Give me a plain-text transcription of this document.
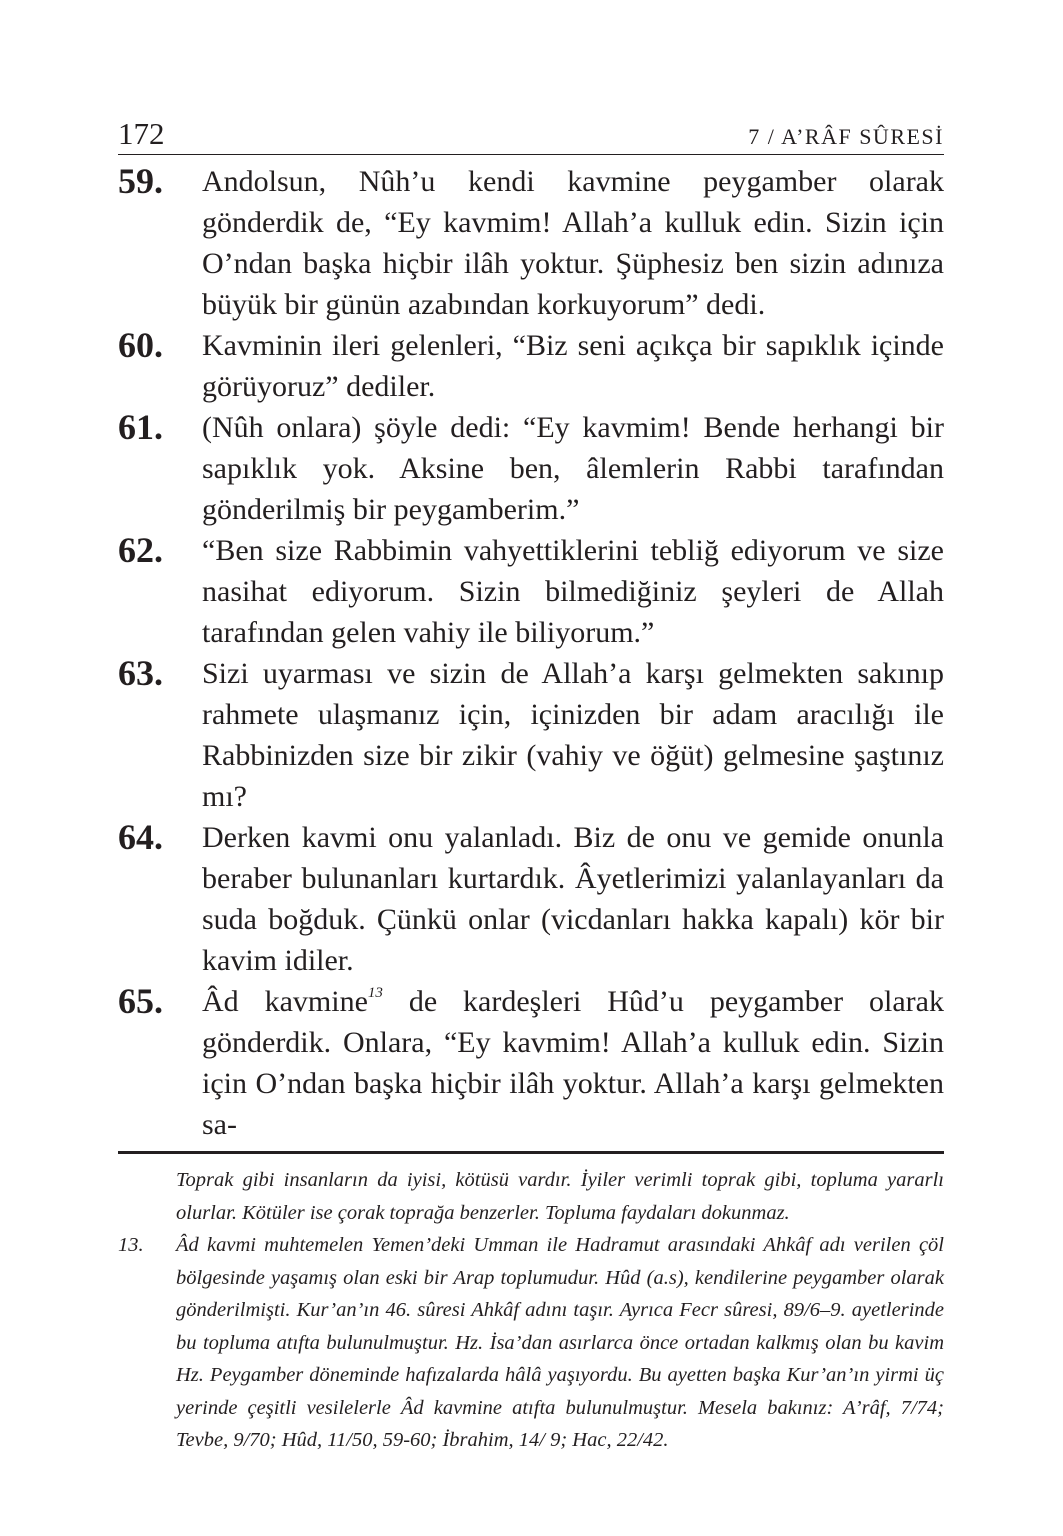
172	7 / A’RÂF SÛRESİ
59.	Andolsun, Nûh’u kendi kavmine peygamber olarak gönderdik de, “Ey kavmim! Allah’a kulluk edin. Sizin için O’ndan başka hiçbir ilâh yoktur. Şüphesiz ben sizin adınıza büyük bir günün azabından korkuyorum” dedi.
60.	Kavminin ileri gelenleri, “Biz seni açıkça bir sapıklık içinde görüyoruz” dediler.
61.	(Nûh onlara) şöyle dedi: “Ey kavmim! Bende herhangi bir sapıklık yok. Aksine ben, âlemlerin Rabbi tarafından gönderilmiş bir peygamberim.”
62.	“Ben size Rabbimin vahyettiklerini tebliğ ediyorum ve size nasihat ediyorum. Sizin bilmediğiniz şeyleri de Allah tarafından gelen vahiy ile biliyorum.”
63.	Sizi uyarması ve sizin de Allah’a karşı gelmekten sakınıp rahmete ulaşmanız için, içinizden bir adam aracılığı ile Rabbinizden size bir zikir (vahiy ve öğüt) gelmesine şaştınız mı?
64.	Derken kavmi onu yalanladı. Biz de onu ve gemide onunla beraber bulunanları kurtardık. Âyetlerimizi yalanlayanları da suda boğduk. Çünkü onlar (vicdanları hakka kapalı) kör bir kavim idiler.
65.	Âd kavmine$^{13}$ de kardeşleri Hûd’u peygamber olarak gönderdik. Onlara, “Ey kavmim! Allah’a kulluk edin. Sizin için O’ndan başka hiçbir ilâh yoktur. Allah’a karşı gelmekten sa-
Toprak gibi insanların da iyisi, kötüsü vardır. İyiler verimli toprak gibi, topluma yararlı olurlar. Kötüler ise çorak toprağa benzerler. Topluma faydaları dokunmaz.
13.	Âd kavmi muhtemelen Yemen’deki Umman ile Hadramut arasındaki Ahkâf adı verilen çöl bölgesinde yaşamış olan eski bir Arap toplumudur. Hûd (a.s), kendilerine peygamber olarak gönderilmişti. Kur’an’ın 46. sûresi Ahkâf adını taşır. Ayrıca Fecr sûresi, 89/6–9. ayetlerinde bu topluma atıfta bulunulmuştur. Hz. İsa’dan asırlarca önce ortadan kalkmış olan bu kavim Hz. Peygamber döneminde hafızalarda hâlâ yaşıyordu. Bu ayetten başka Kur’an’ın yirmi üç yerinde çeşitli vesilelerle Âd kavmine atıfta bulunulmuştur. Mesela bakınız: A’râf, 7/74; Tevbe, 9/70; Hûd, 11/50, 59-60; İbrahim, 14/ 9; Hac, 22/42.
